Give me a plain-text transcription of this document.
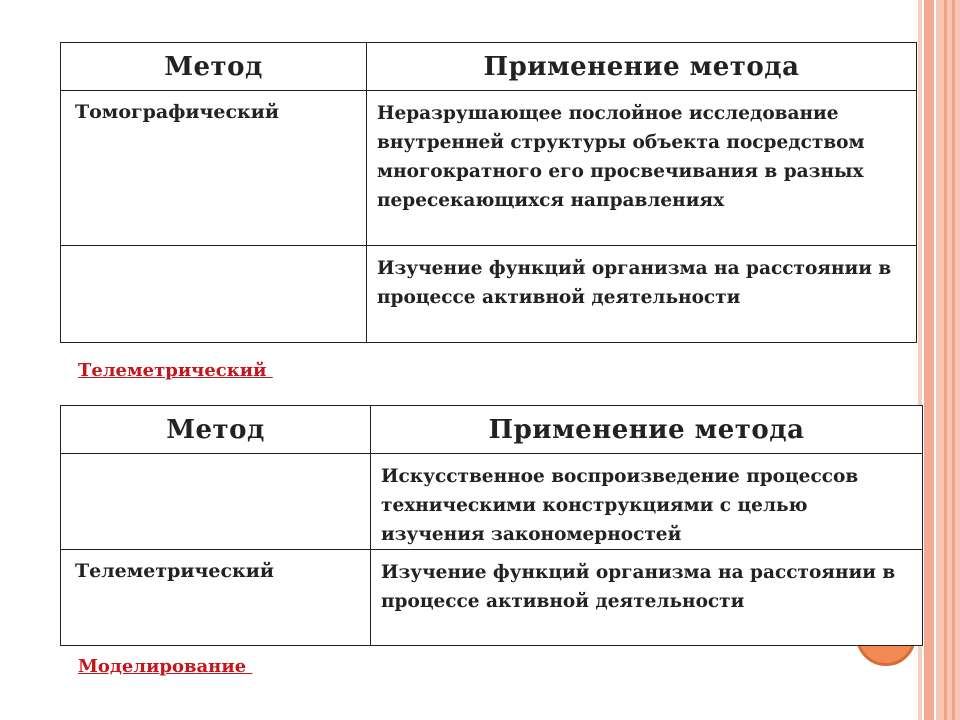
Метод	Применение метода
Томографический	Неразрушающее послойное исследование внутренней структуры объекта посредством многократного его просвечивания в разных пересекающихся направлениях
	Изучение функций организма на расстоянии в процессе активной деятельности
Телеметрический
Метод	Применение метода
	Искусственное воспроизведение процессов техническими конструкциями с целью изучения закономерностей
Телеметрический	Изучение функций организма на расстоянии в процессе активной деятельности
Моделирование
